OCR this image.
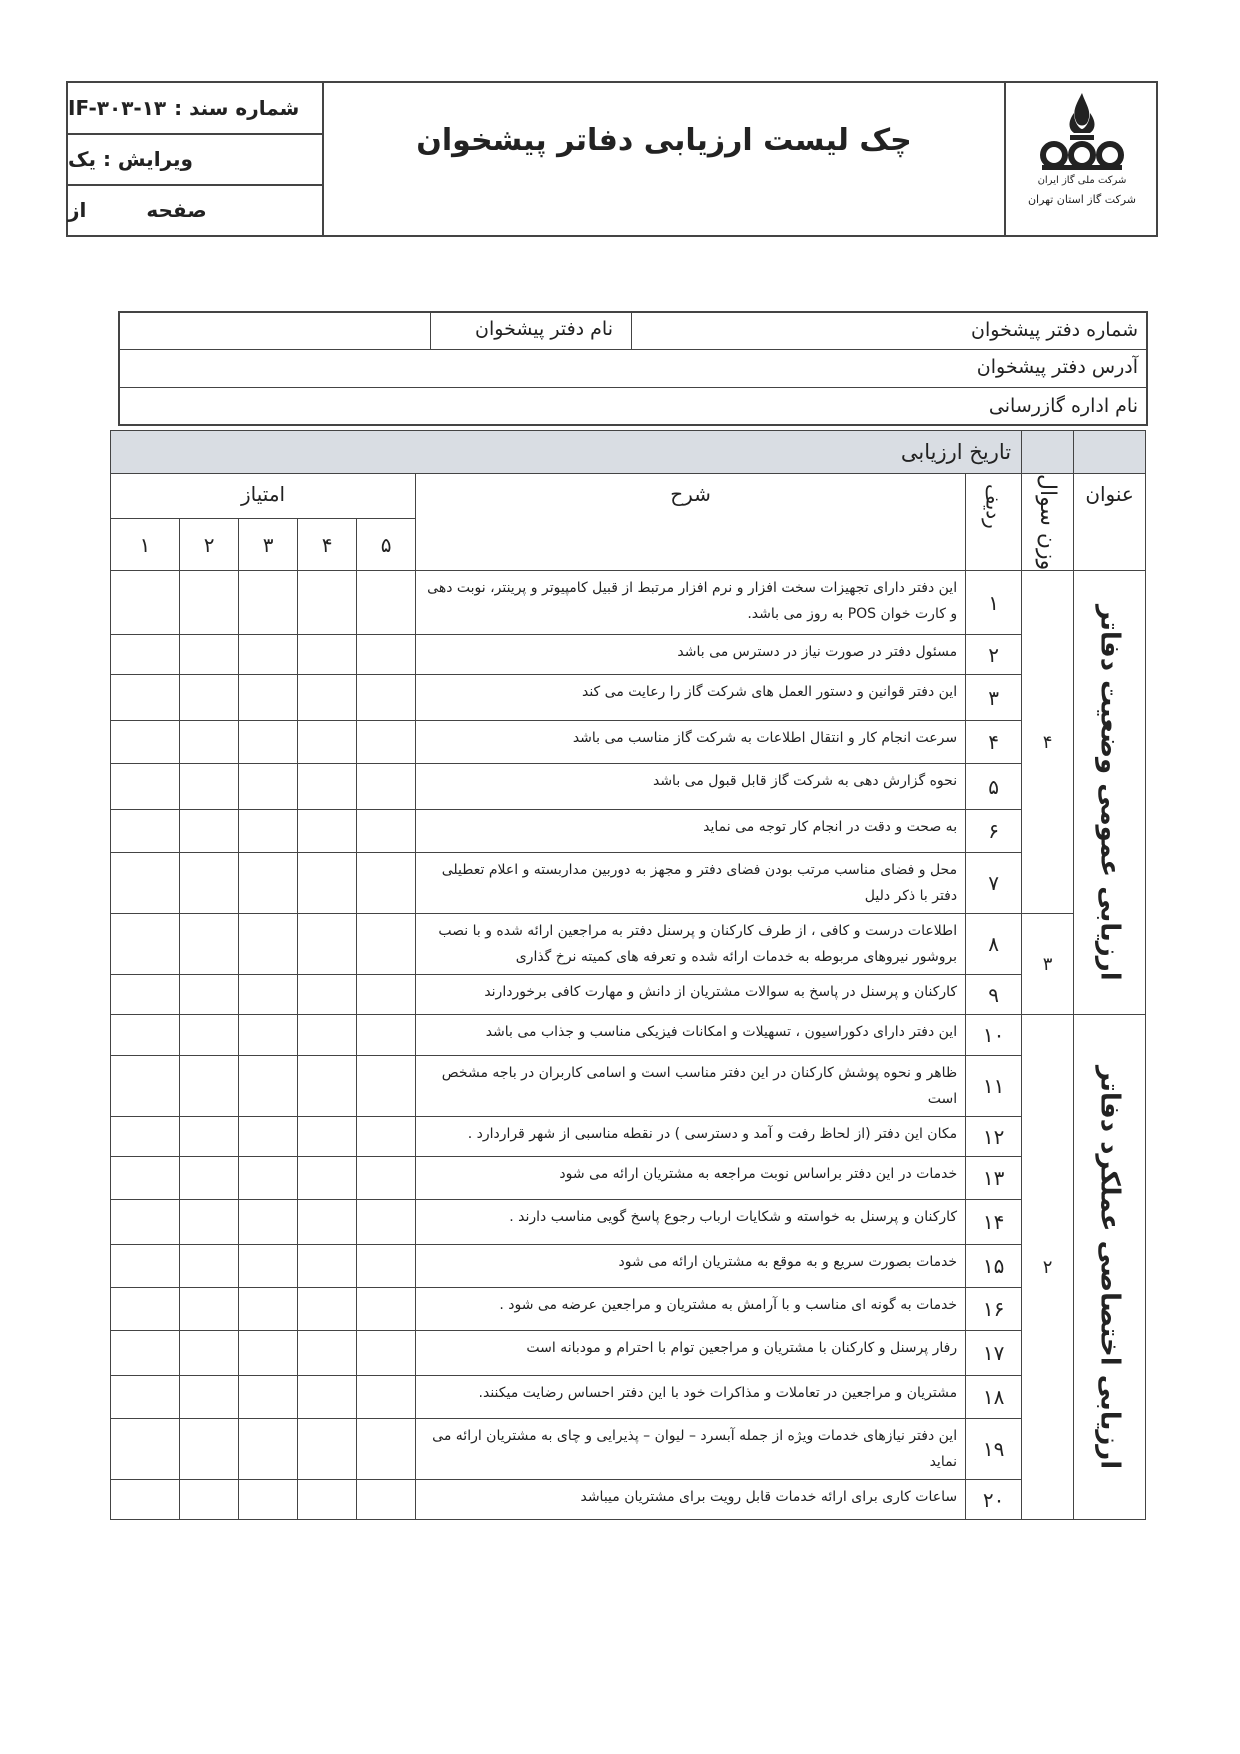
شماره سند :
IF-۳۰۳-۱۳
ویرایش : یک
صفحه
از
چک لیست ارزیابی دفاتر پیشخوان
شرکت ملی گاز ایران
شرکت گاز استان تهران
شماره دفتر پیشخوان
نام دفتر پیشخوان
آدرس دفتر پیشخوان
نام اداره گازرسانی
		تاریخ ارزیابی						
عنوان	وزن سوال	ردیف	شرح	امتیاز				
				۵	۴	۳	۲	۱

ارزیابی عمومی وضعیت دفاتر	۴	۱	این دفتر دارای تجهیزات سخت افزار و نرم افزار مرتبط از قبیل کامپیوتر و پرینتر، نوبت دهی و کارت خوان POS به روز می باشد.					
		۲	مسئول دفتر در صورت نیاز در دسترس می باشد					
		۳	این دفتر قوانین و دستور العمل های شرکت گاز را رعایت می کند					
		۴	سرعت انجام کار و انتقال اطلاعات به شرکت گاز مناسب می باشد					
		۵	نحوه گزارش دهی به شرکت گاز قابل قبول می باشد					
		۶	به صحت و دقت در انجام کار توجه می نماید					
		۷	محل و فضای مناسب مرتب بودن فضای دفتر و مجهز به دوربین مداربسته و اعلام تعطیلی دفتر با ذکر دلیل					
	۳	۸	اطلاعات درست و کافی ، از طرف کارکنان و پرسنل دفتر به مراجعین ارائه شده و با نصب بروشور نیروهای مربوطه به خدمات ارائه شده و تعرفه های کمیته نرخ گذاری					
		۹	کارکنان و پرسنل در پاسخ به سوالات مشتریان از دانش و مهارت کافی برخوردارند					

ارزیابی اختصاصی عملکرد دفاتر	۲	۱۰	این دفتر دارای دکوراسیون ، تسهیلات و امکانات فیزیکی مناسب و جذاب می باشد					
		۱۱	ظاهر و نحوه پوشش کارکنان در این دفتر مناسب است و اسامی کاربران در باجه مشخص است					
		۱۲	مکان این دفتر (از لحاظ رفت و آمد و دسترسی ) در نقطه مناسبی از شهر قراردارد .					
		۱۳	خدمات در این دفتر براساس نوبت مراجعه به مشتریان ارائه می شود					
		۱۴	کارکنان و پرسنل به خواسته و شکایات ارباب رجوع پاسخ گویی مناسب دارند .					
		۱۵	خدمات بصورت سریع و به موقع به مشتریان ارائه می شود					
		۱۶	خدمات به گونه ای مناسب و با آرامش به مشتریان و مراجعین عرضه می شود .					
		۱۷	رفار پرسنل و کارکنان با مشتریان و مراجعین توام با احترام و مودبانه است					
		۱۸	مشتریان و مراجعین در تعاملات و مذاکرات خود با این دفتر احساس رضایت میکنند.					
		۱۹	این دفتر نیازهای خدمات ویژه از جمله آبسرد – لیوان – پذیرایی و چای به مشتریان ارائه می نماید					
		۲۰	ساعات کاری برای ارائه خدمات قابل رویت برای مشتریان میباشد					
